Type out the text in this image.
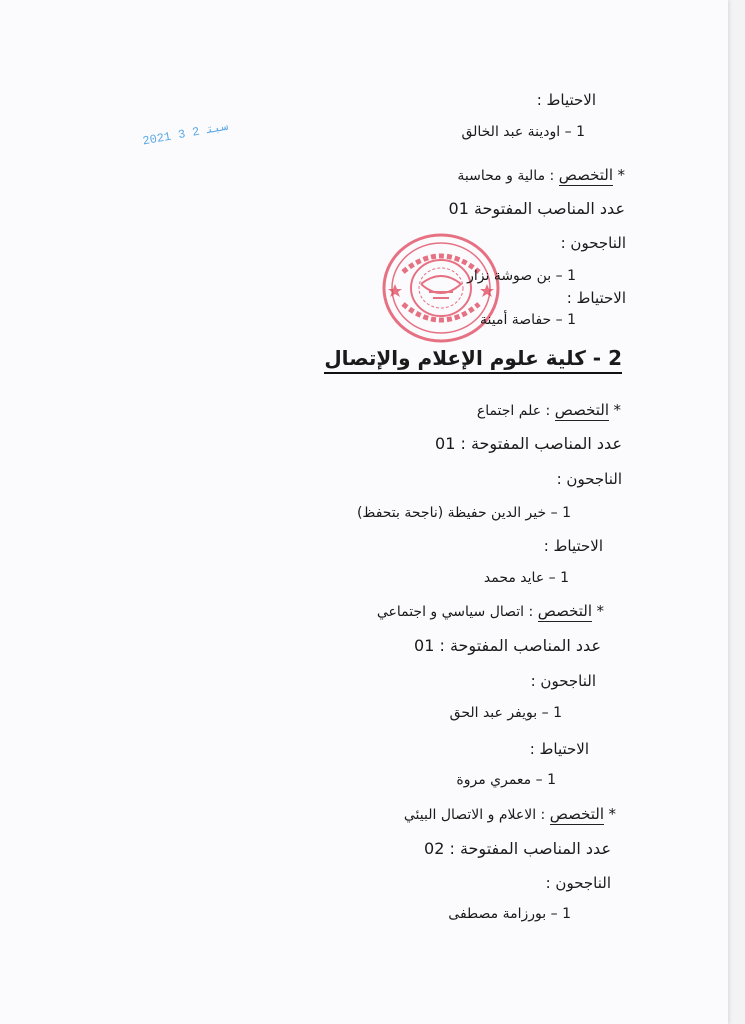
2021 ﺳﺒﺘ 2 3
الاحتياط :
1 – اودينة عبد الخالق
* التخصص : مالية و محاسبة
عدد المناصب المفتوحة 01
الناجحون :
1 – بن صوشة نزار
الاحتياط :
1 – حفاصة أمينة
2 - كلية علوم الإعلام والإتصال
* التخصص : علم اجتماع
عدد المناصب المفتوحة : 01
الناجحون :
1 – خير الدين حفيظة (ناجحة بتحفظ)
الاحتياط :
1 – عايد محمد
* التخصص : اتصال سياسي و اجتماعي
عدد المناصب المفتوحة : 01
الناجحون :
1 – بويفر عبد الحق
الاحتياط :
1 – معمري مروة
* التخصص : الاعلام و الاتصال البيئي
عدد المناصب المفتوحة : 02
الناجحون :
1 – بورزامة مصطفى
